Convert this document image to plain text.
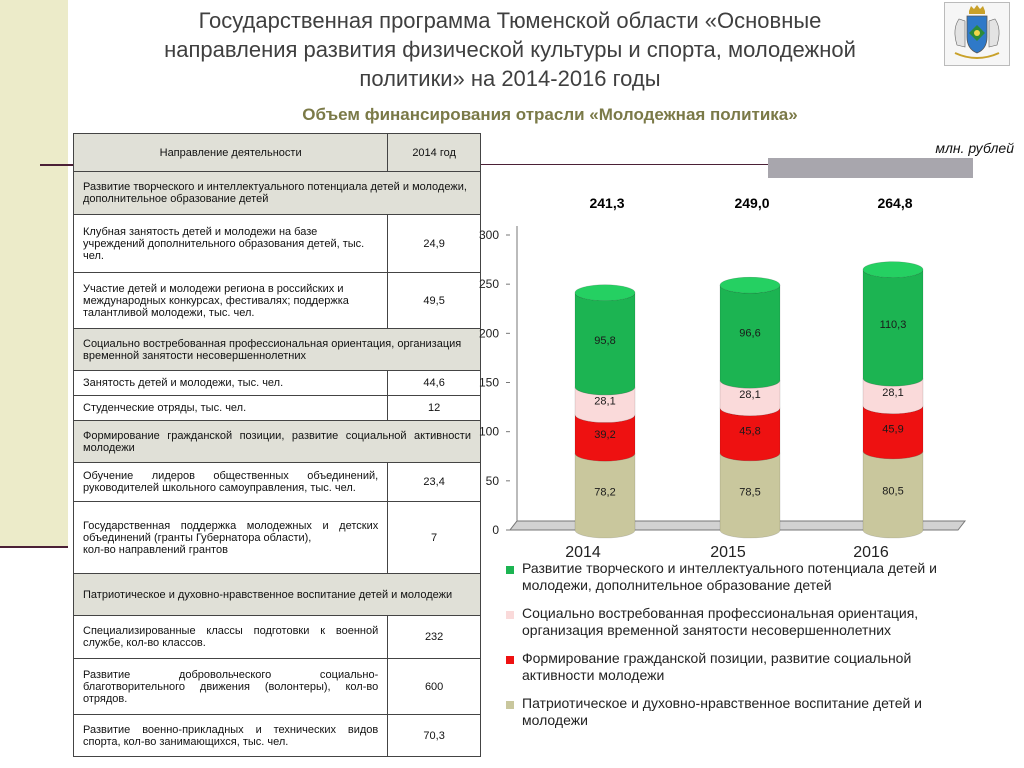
Государственная программа Тюменской области «Основные
направления развития физической культуры и спорта, молодежной
политики» на 2014-2016 годы
Объем финансирования отрасли «Молодежная политика»
млн. рублей
Направление деятельности	2014 год
Развитие творческого и интеллектуального потенциала детей и молодежи, дополнительное образование детей	
Клубная занятость детей и молодежи на базе учреждений дополнительного образования детей, тыс. чел.	24,9
Участие детей и молодежи региона в российских и международных конкурсах, фестивалях; поддержка талантливой молодежи, тыс. чел.	49,5
Социально востребованная профессиональная ориентация, организация временной занятости несовершеннолетних	
Занятость детей и молодежи, тыс. чел.	44,6
Студенческие отряды, тыс. чел.	12
Формирование гражданской позиции, развитие социальной активности молодежи	
Обучение лидеров общественных объединений, руководителей школьного самоуправления, тыс. чел.	23,4

Государственная поддержка молодежных и детских объединений (гранты Губернатора области),
кол-во направлений грантов	7
Патриотическое и духовно-нравственное воспитание детей и молодежи	
Специализированные классы подготовки к военной службе, кол-во классов.	232
Развитие добровольческого социально-благотворительного движения (волонтеры), кол-во отрядов.	600
Развитие военно-прикладных и технических видов спорта, кол-во занимающихся, тыс. чел.	70,3
0
50
100
150
200
250
300
78,2
39,2
28,1
95,8
241,3
2014
78,5
45,8
28,1
96,6
249,0
2015
80,5
45,9
28,1
110,3
264,8
2016
Развитие творческого и интеллектуального потенциала детей и молодежи, дополнительное образование детей
Социально востребованная профессиональная ориентация, организация временной занятости несовершеннолетних
Формирование гражданской позиции, развитие социальной активности молодежи
Патриотическое и духовно-нравственное воспитание детей и молодежи
